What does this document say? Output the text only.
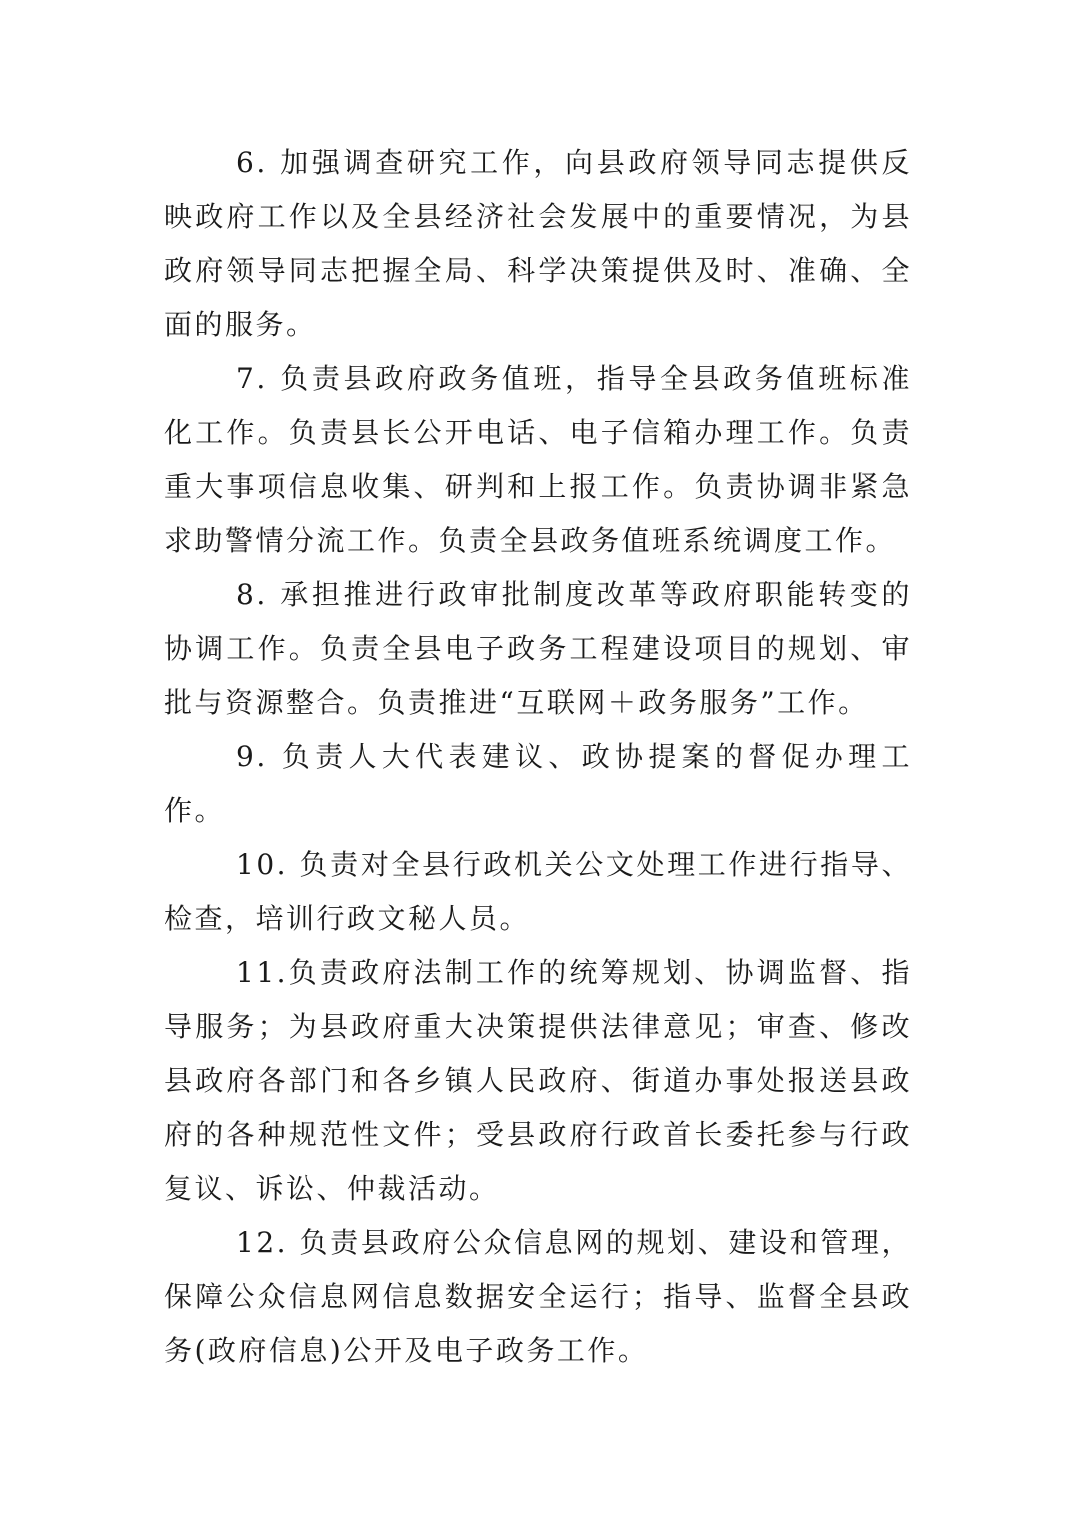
6. 加强调查研究工作，向县政府领导同志提供反映政府工作以及全县经济社会发展中的重要情况，为县政府领导同志把握全局、科学决策提供及时、准确、全面的服务。

7. 负责县政府政务值班，指导全县政务值班标准化工作。负责县长公开电话、电子信箱办理工作。负责重大事项信息收集、研判和上报工作。负责协调非紧急求助警情分流工作。负责全县政务值班系统调度工作。

8. 承担推进行政审批制度改革等政府职能转变的协调工作。负责全县电子政务工程建设项目的规划、审批与资源整合。负责推进“互联网＋政务服务”工作。

9. 负责人大代表建议、政协提案的督促办理工作。

10. 负责对全县行政机关公文处理工作进行指导、检查，培训行政文秘人员。

11.负责政府法制工作的统筹规划、协调监督、指导服务；为县政府重大决策提供法律意见；审查、修改县政府各部门和各乡镇人民政府、街道办事处报送县政府的各种规范性文件；受县政府行政首长委托参与行政复议、诉讼、仲裁活动。

12. 负责县政府公众信息网的规划、建设和管理，保障公众信息网信息数据安全运行；指导、监督全县政务(政府信息)公开及电子政务工作。
